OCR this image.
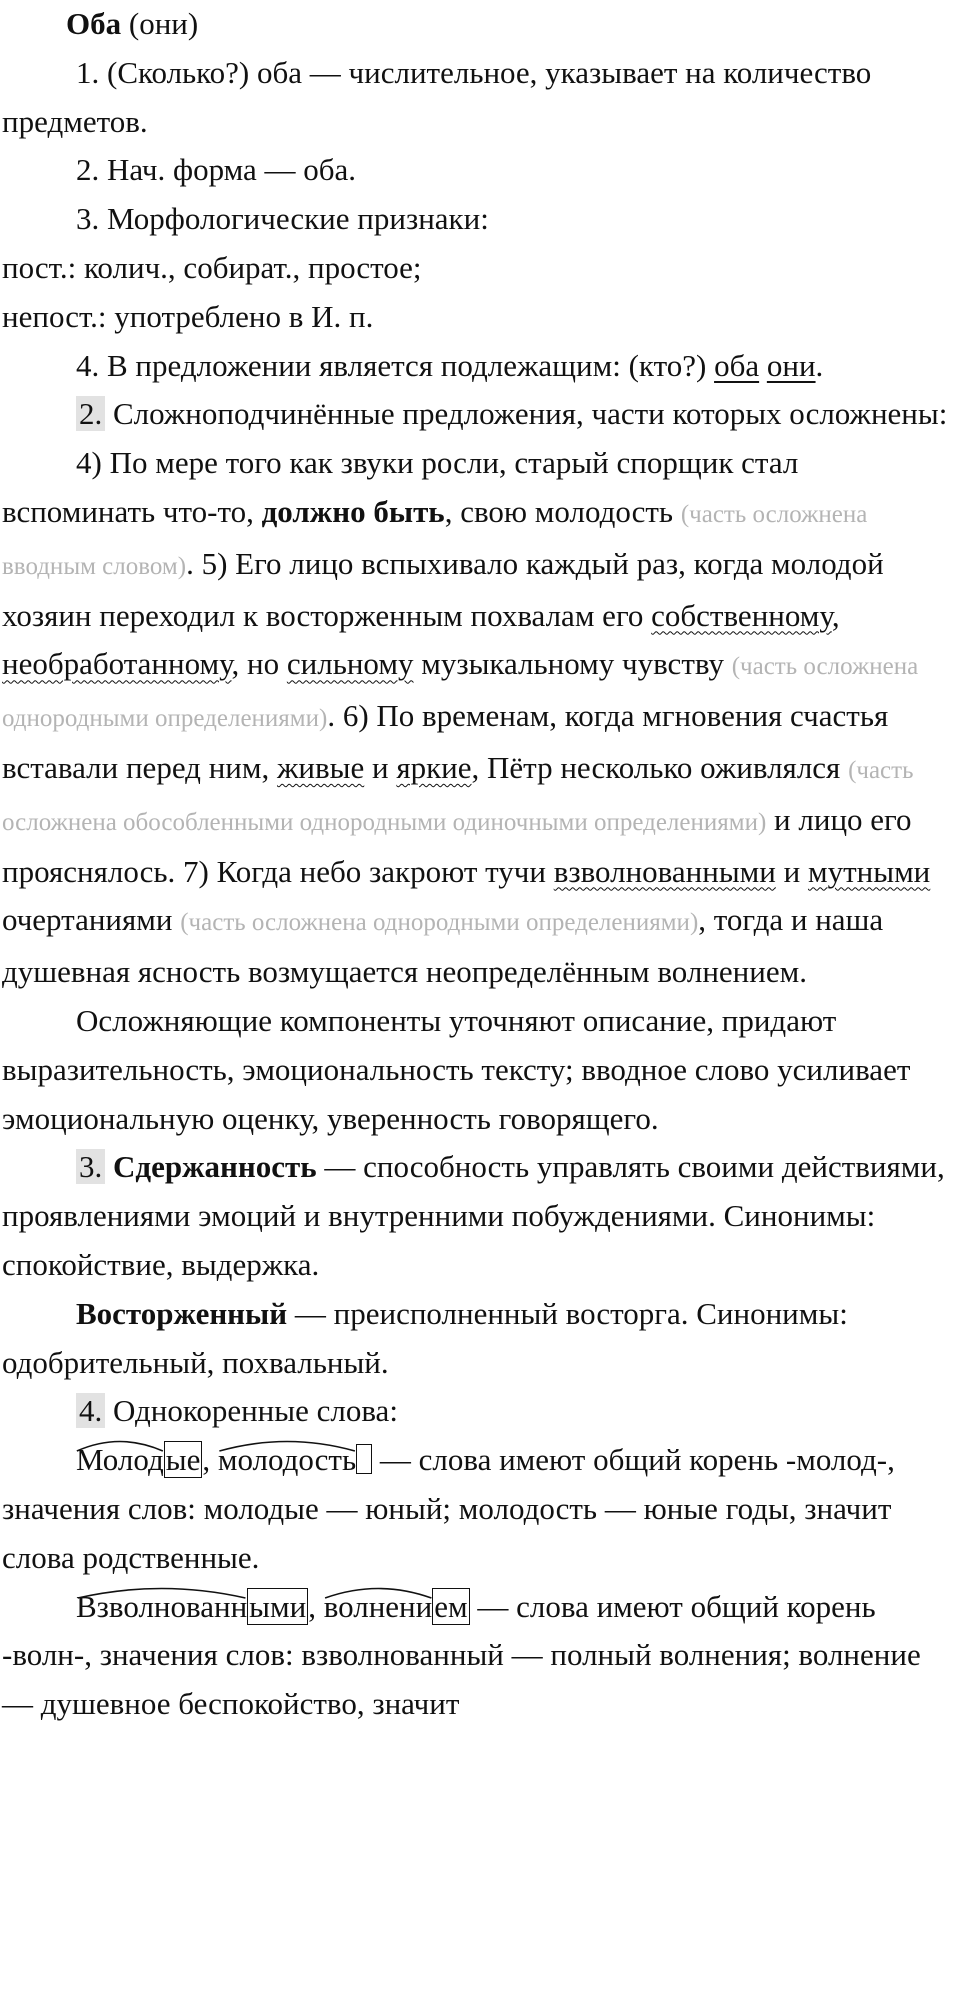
Оба (они)

1. (Сколько?) оба — числительное, указывает на количество предметов.

2. Нач. форма — оба.

3. Морфологические признаки:

пост.: колич., собират., простое;

непост.: употреблено в И. п.

4. В предложении является подлежащим: (кто?) оба они.

2. Сложноподчинённые предложения, части которых осложнены:

4) По мере того как звуки росли, старый спорщик стал вспоминать что-то, должно быть, свою молодость (часть осложнена вводным словом). 5) Его лицо вспыхивало каждый раз, когда молодой хозяин переходил к восторженным похвалам его собственному, необработанному, но сильному музыкальному чувству (часть осложнена однородными определениями). 6) По временам, когда мгновения счастья вставали перед ним, живые и яркие, Пётр несколько оживлялся (часть осложнена обособленными однородными одиночными определениями) и лицо его прояснялось. 7) Когда небо закроют тучи взволнованными и мутными очертаниями (часть осложнена однородными определениями), тогда и наша душевная ясность возмущается неопределённым волнением.

Осложняющие компоненты уточняют описание, придают выразительность, эмоциональность тексту; вводное слово усиливает эмоциональную оценку, уверенность говорящего.

3. Сдержанность — способность управлять своими действиями, проявлениями эмоций и внутренними побуждениями. Синонимы: спокойствие, выдержка.

Восторженный — преисполненный восторга. Синонимы: одобрительный, похвальный.

4. Однокоренные слова:

Молодые,
молодость — слова имеют общий корень -молод-, значения слов: молодые — юный; молодость — юные годы, значит слова родственные.

Взволнованными,
волнением — слова имеют общий корень -волн-, значения слов: взволнованный — полный волнения; волнение — душевное беспокойство, значит
